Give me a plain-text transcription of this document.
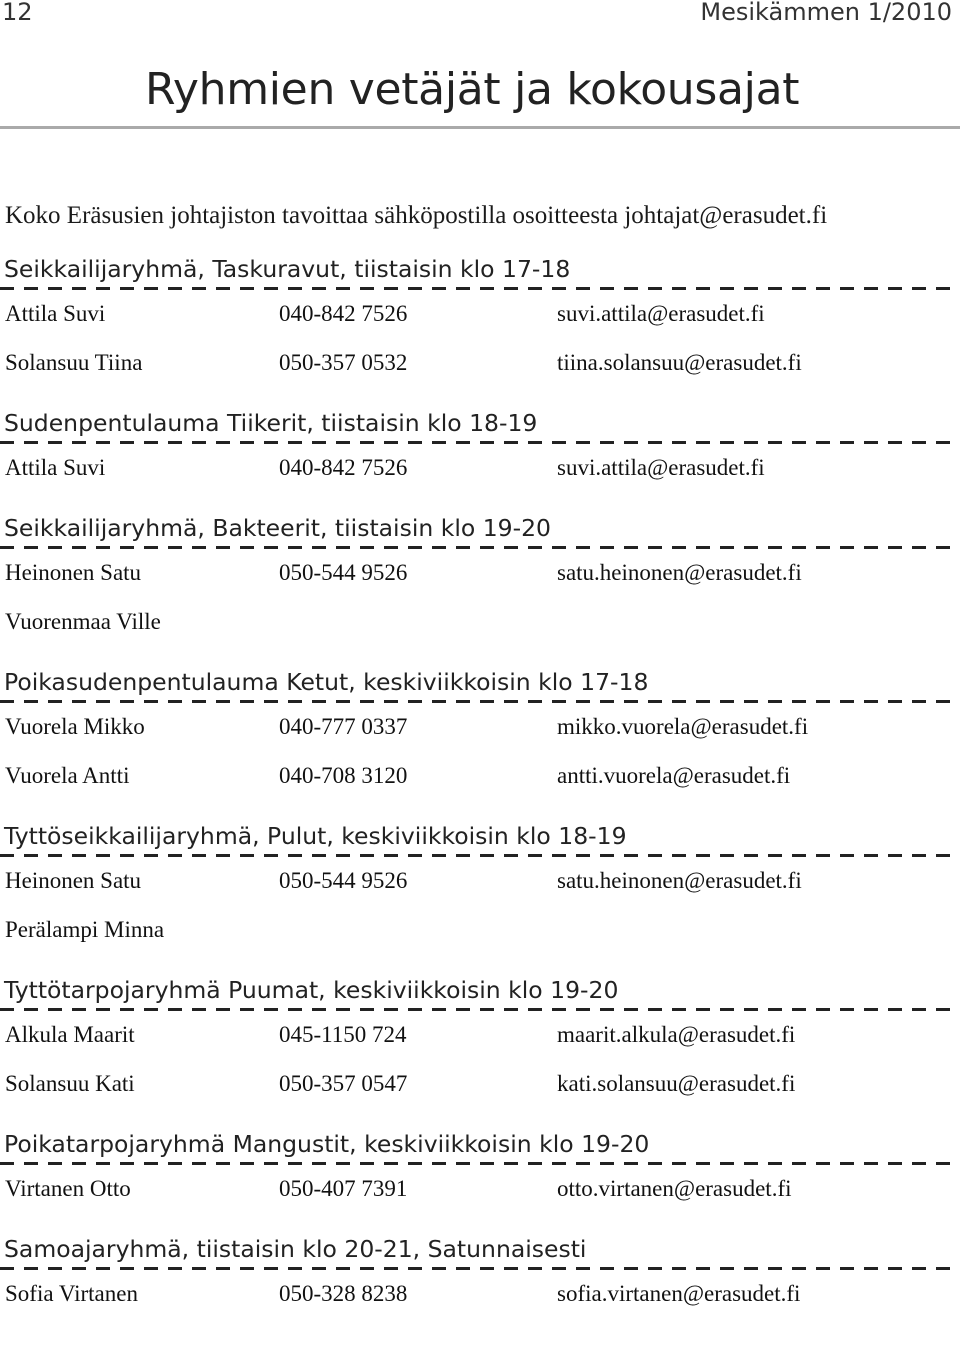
12	Mesikämmen 1/2010
Ryhmien vetäjät ja kokousajat
Koko Eräsusien johtajiston tavoittaa sähköpostilla osoitteesta johtajat@erasudet.fi
Seikkailijaryhmä, Taskuravut, tiistaisin klo 17-18
Attila Suvi	040-842 7526	suvi.attila@erasudet.fi
Solansuu Tiina	050-357 0532	tiina.solansuu@erasudet.fi
Sudenpentulauma Tiikerit, tiistaisin klo 18-19
Attila Suvi	040-842 7526	suvi.attila@erasudet.fi
Seikkailijaryhmä, Bakteerit, tiistaisin klo 19-20
Heinonen Satu	050-544 9526	satu.heinonen@erasudet.fi
Vuorenmaa Ville
Poikasudenpentulauma Ketut, keskiviikkoisin klo 17-18
Vuorela Mikko	040-777 0337	mikko.vuorela@erasudet.fi
Vuorela Antti	040-708 3120	antti.vuorela@erasudet.fi
Tyttöseikkailijaryhmä, Pulut, keskiviikkoisin klo 18-19
Heinonen Satu	050-544 9526	satu.heinonen@erasudet.fi
Perälampi Minna
Tyttötarpojaryhmä Puumat, keskiviikkoisin klo 19-20
Alkula Maarit	045-1150 724	maarit.alkula@erasudet.fi
Solansuu Kati	050-357 0547	kati.solansuu@erasudet.fi
Poikatarpojaryhmä Mangustit, keskiviikkoisin klo 19-20
Virtanen Otto	050-407 7391	otto.virtanen@erasudet.fi
Samoajaryhmä, tiistaisin klo 20-21, Satunnaisesti
Sofia Virtanen	050-328 8238	sofia.virtanen@erasudet.fi
